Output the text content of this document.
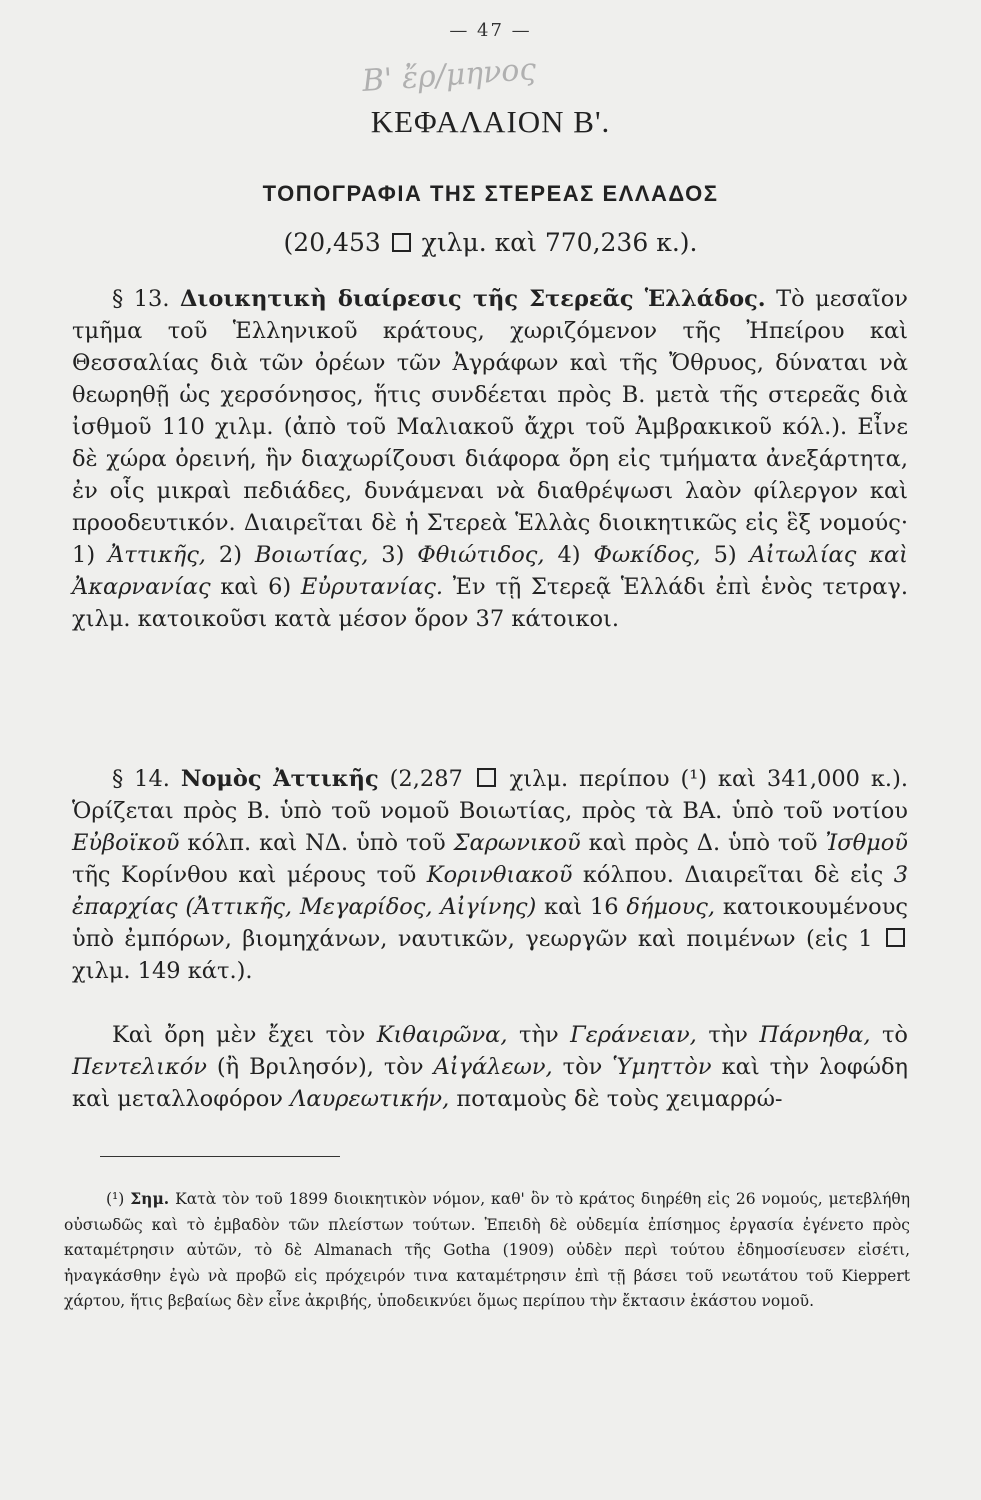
— 47 —
Β' ἔρ/μηνος
ΚΕΦΑΛΑΙΟΝ Β'.
ΤΟΠΟΓΡΑΦΙΑ ΤΗΣ ΣΤΕΡΕΑΣ ΕΛΛΑΔΟΣ
(20,453 χιλμ. καὶ 770,236 κ.).

§ 13. Διοικητικὴ διαίρεσις τῆς Στερεᾶς Ἑλλάδος. Τὸ μεσαῖον τμῆμα τοῦ Ἑλληνικοῦ κράτους, χωριζόμενον τῆς Ἠπείρου καὶ Θεσσαλίας διὰ τῶν ὀρέων τῶν Ἀγράφων καὶ τῆς Ὄθρυος, δύναται νὰ θεωρηθῇ ὡς χερσόνησος, ἥτις συνδέεται πρὸς Β. μετὰ τῆς στερεᾶς διὰ ἰσθμοῦ 110 χιλμ. (ἀπὸ τοῦ Μαλιακοῦ ἄχρι τοῦ Ἀμβρακικοῦ κόλ.). Εἶνε δὲ χώρα ὀρεινή, ἣν διαχωρίζουσι διάφορα ὄρη εἰς τμήματα ἀνεξάρτητα, ἐν οἷς μικραὶ πεδιάδες, δυνάμεναι νὰ διαθρέψωσι λαὸν φίλεργον καὶ προοδευτικόν. Διαιρεῖται δὲ ἡ Στερεὰ Ἑλλὰς διοικητικῶς εἰς ἓξ νομούς· 1) Ἀττικῆς, 2) Βοιωτίας, 3) Φθιώτιδος, 4) Φωκίδος, 5) Αἰτωλίας καὶ Ἀκαρνανίας καὶ 6) Εὐρυτανίας. Ἐν τῇ Στερεᾷ Ἑλλάδι ἐπὶ ἑνὸς τετραγ. χιλμ. κατοικοῦσι κατὰ μέσον ὅρον 37 κάτοικοι.

§ 14. Νομὸς Ἀττικῆς (2,287 χιλμ. περίπου (¹) καὶ 341,000 κ.). Ὁρίζεται πρὸς Β. ὑπὸ τοῦ νομοῦ Βοιωτίας, πρὸς τὰ ΒΑ. ὑπὸ τοῦ νοτίου Εὐβοϊκοῦ κόλπ. καὶ ΝΔ. ὑπὸ τοῦ Σαρωνικοῦ καὶ πρὸς Δ. ὑπὸ τοῦ Ἰσθμοῦ τῆς Κορίνθου καὶ μέρους τοῦ Κορινθιακοῦ κόλπου. Διαιρεῖται δὲ εἰς 3 ἐπαρχίας (Ἀττικῆς, Μεγαρίδος, Αἰγίνης) καὶ 16 δήμους, κατοικουμένους ὑπὸ ἐμπόρων, βιομηχάνων, ναυτικῶν, γεωργῶν καὶ ποιμένων (εἰς 1  χιλμ. 149 κάτ.).

Καὶ ὄρη μὲν ἔχει τὸν Κιθαιρῶνα, τὴν Γεράνειαν, τὴν Πάρνηθα, τὸ Πεντελικόν (ἢ Βριλησόν), τὸν Αἰγάλεων, τὸν Ὑμηττὸν καὶ τὴν λοφώδη καὶ μεταλλοφόρον Λαυρεωτικήν, ποταμοὺς δὲ τοὺς χειμαρρώ-

(¹) Σημ. Κατὰ τὸν τοῦ 1899 διοικητικὸν νόμον, καθ' ὃν τὸ κράτος διηρέθη εἰς 26 νομούς, μετεβλήθη οὐσιωδῶς καὶ τὸ ἐμβαδὸν τῶν πλείστων τούτων. Ἐπειδὴ δὲ οὐδεμία ἐπίσημος ἐργασία ἐγένετο πρὸς καταμέτρησιν αὐτῶν, τὸ δὲ Almanach τῆς Gotha (1909) οὐδὲν περὶ τούτου ἐδημοσίευσεν εἰσέτι, ἠναγκάσθην ἐγὼ νὰ προβῶ εἰς πρόχειρόν τινα καταμέτρησιν ἐπὶ τῇ βάσει τοῦ νεωτάτου τοῦ Kieppert χάρτου, ἥτις βεβαίως δὲν εἶνε ἀκριβής, ὑποδεικνύει ὅμως περίπου τὴν ἔκτασιν ἑκάστου νομοῦ.
